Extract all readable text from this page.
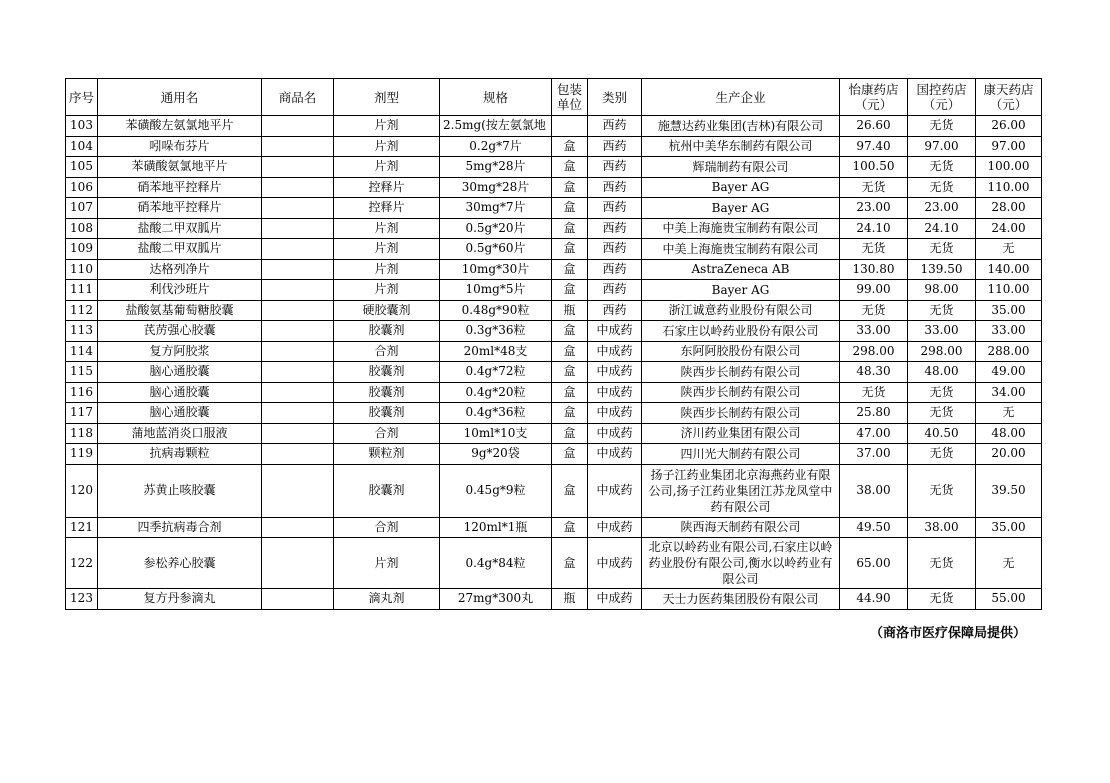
序号	通用名	商品名	剂型	规格	包装单位	类别	生产企业	怡康药店（元）	国控药店（元）	康天药店（元）
103	苯磺酸左氨氯地平片		片剂	2.5mg(按左氨氯地		西药	施慧达药业集团(吉林)有限公司	26.60	无货	26.00
104	吲哚布芬片		片剂	0.2g*7片	盒	西药	杭州中美华东制药有限公司	97.40	97.00	97.00
105	苯磺酸氨氯地平片		片剂	5mg*28片	盒	西药	辉瑞制药有限公司	100.50	无货	100.00
106	硝苯地平控释片		控释片	30mg*28片	盒	西药	Bayer AG	无货	无货	110.00
107	硝苯地平控释片		控释片	30mg*7片	盒	西药	Bayer AG	23.00	23.00	28.00
108	盐酸二甲双胍片		片剂	0.5g*20片	盒	西药	中美上海施贵宝制药有限公司	24.10	24.10	24.00
109	盐酸二甲双胍片		片剂	0.5g*60片	盒	西药	中美上海施贵宝制药有限公司	无货	无货	无
110	达格列净片		片剂	10mg*30片	盒	西药	AstraZeneca AB	130.80	139.50	140.00
111	利伐沙班片		片剂	10mg*5片	盒	西药	Bayer AG	99.00	98.00	110.00
112	盐酸氨基葡萄糖胶囊		硬胶囊剂	0.48g*90粒	瓶	西药	浙江诚意药业股份有限公司	无货	无货	35.00
113	芪苈强心胶囊		胶囊剂	0.3g*36粒	盒	中成药	石家庄以岭药业股份有限公司	33.00	33.00	33.00
114	复方阿胶浆		合剂	20ml*48支	盒	中成药	东阿阿胶股份有限公司	298.00	298.00	288.00
115	脑心通胶囊		胶囊剂	0.4g*72粒	盒	中成药	陕西步长制药有限公司	48.30	48.00	49.00
116	脑心通胶囊		胶囊剂	0.4g*20粒	盒	中成药	陕西步长制药有限公司	无货	无货	34.00
117	脑心通胶囊		胶囊剂	0.4g*36粒	盒	中成药	陕西步长制药有限公司	25.80	无货	无
118	蒲地蓝消炎口服液		合剂	10ml*10支	盒	中成药	济川药业集团有限公司	47.00	40.50	48.00
119	抗病毒颗粒		颗粒剂	9g*20袋	盒	中成药	四川光大制药有限公司	37.00	无货	20.00
120	苏黄止咳胶囊		胶囊剂	0.45g*9粒	盒	中成药	扬子江药业集团北京海燕药业有限公司,扬子江药业集团江苏龙凤堂中药有限公司	38.00	无货	39.50
121	四季抗病毒合剂		合剂	120ml*1瓶	盒	中成药	陕西海天制药有限公司	49.50	38.00	35.00
122	参松养心胶囊		片剂	0.4g*84粒	盒	中成药	北京以岭药业有限公司,石家庄以岭药业股份有限公司,衡水以岭药业有限公司	65.00	无货	无
123	复方丹参滴丸		滴丸剂	27mg*300丸	瓶	中成药	天士力医药集团股份有限公司	44.90	无货	55.00
（商洛市医疗保障局提供）
